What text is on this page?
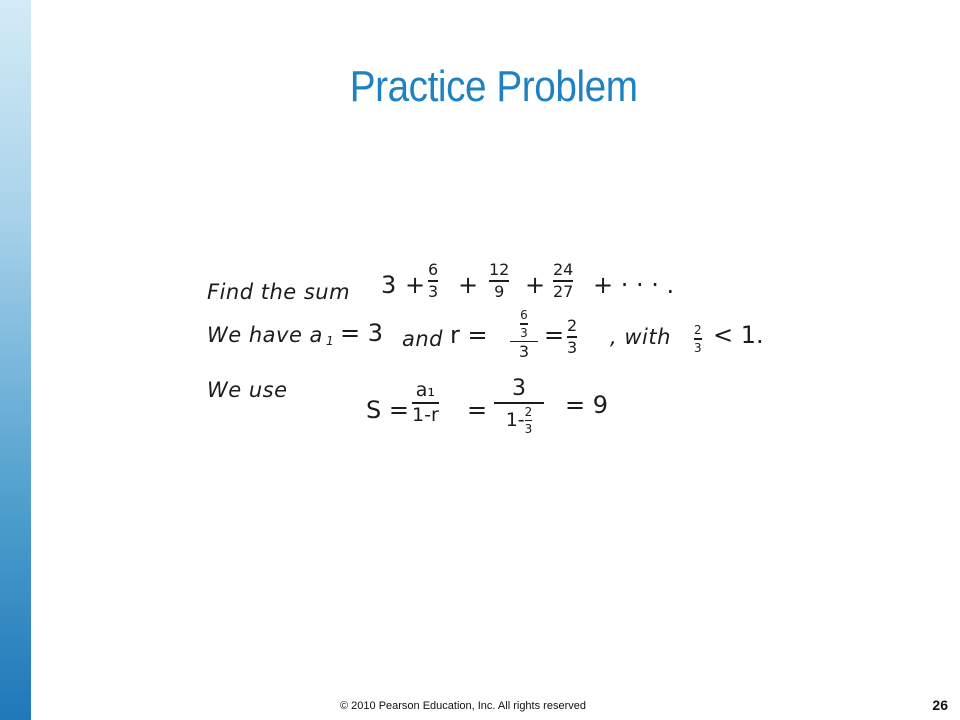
Practice Problem
Find the sum 3 +
6
3 +
12
9 +
24
27 + · · · .
We have a 1 = 3 and r =	$\frac{6}{3}$
3
= 2
3 , with 2
3 < 1.
We use
S =
a₁
1-r =
3
$1- \frac{2}{3}$
= 9
© 2010 Pearson Education, Inc. All rights reserved	26
